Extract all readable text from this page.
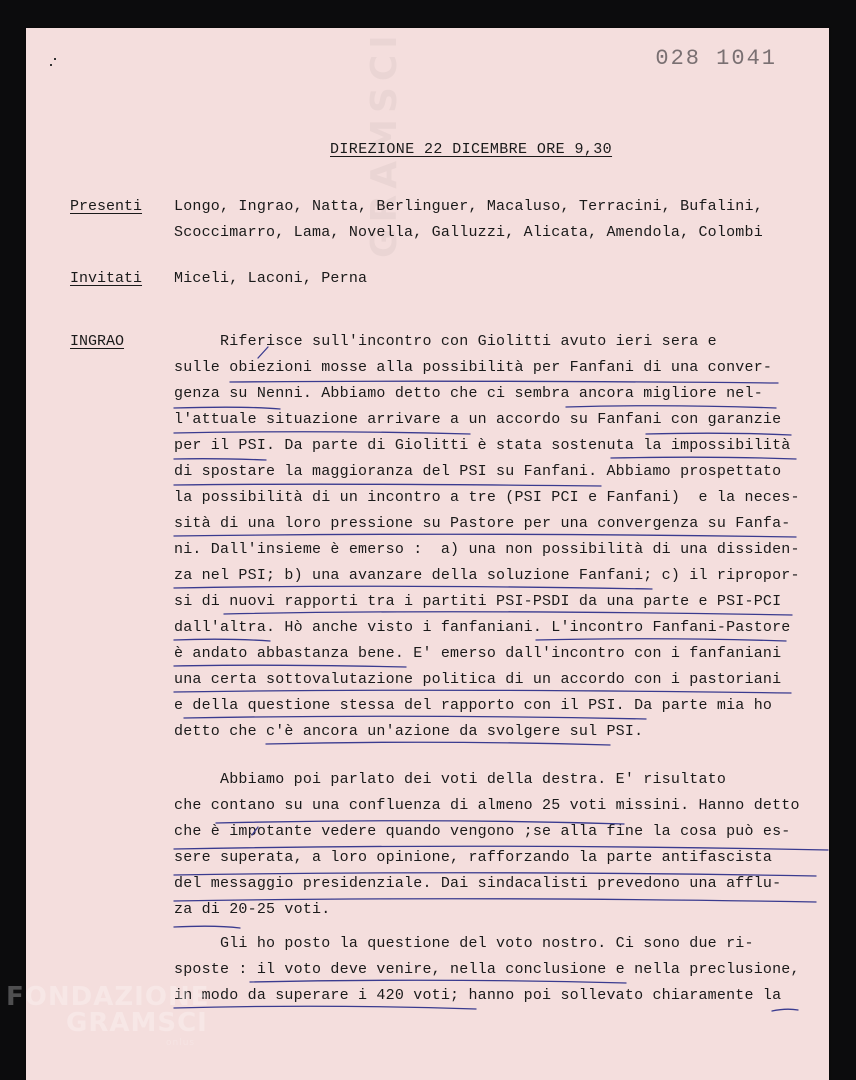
GRAMSCI	028 1041
DIREZIONE 22 DICEMBRE ORE 9,30
Presenti Longo, Ingrao, Natta, Berlinguer, Macaluso, Terracini, Bufalini,
Scoccimarro, Lama, Novella, Galluzzi, Alicata, Amendola, Colombi
Invitati Miceli, Laconi, Perna
INGRAO	Riferisce sull'incontro con Giolitti avuto ieri sera e
sulle obiezioni mosse alla possibilità per Fanfani di una conver-
genza su Nenni. Abbiamo detto che ci sembra ancora migliore nel-
l'attuale situazione arrivare a un accordo su Fanfani con garanzie
per il PSI. Da parte di Giolitti è stata sostenuta la impossibilità
di spostare la maggioranza del PSI su Fanfani. Abbiamo prospettato
la possibilità di un incontro a tre (PSI PCI e Fanfani)  e la neces-
sità di una loro pressione su Pastore per una convergenza su Fanfa-
ni. Dall'insieme è emerso :  a) una non possibilità di una dissiden-
za nel PSI; b) una avanzare della soluzione Fanfani; c) il ripropor-
si di nuovi rapporti tra i partiti PSI-PSDI da una parte e PSI-PCI
dall'altra. Hò anche visto i fanfaniani. L'incontro Fanfani-Pastore
è andato abbastanza bene. E' emerso dall'incontro con i fanfaniani
una certa sottovalutazione politica di un accordo con i pastoriani
e della questione stessa del rapporto con il PSI. Da parte mia ho
detto che c'è ancora un'azione da svolgere sul PSI.
Abbiamo poi parlato dei voti della destra. E' risultato
che contano su una confluenza di almeno 25 voti missini. Hanno detto
che è impotante vedere quando vengono ;se alla fine la cosa può es-
sere superata, a loro opinione, rafforzando la parte antifascista
del messaggio presidenziale. Dai sindacalisti prevedono una afflu-
za di 20-25 voti.
Gli ho posto la questione del voto nostro. Ci sono due ri-
sposte : il voto deve venire, nella conclusione e nella preclusione,
in modo da superare i 420 voti; hanno poi sollevato chiaramente la
FONDAZIONE
GRAMSCI
onlus
